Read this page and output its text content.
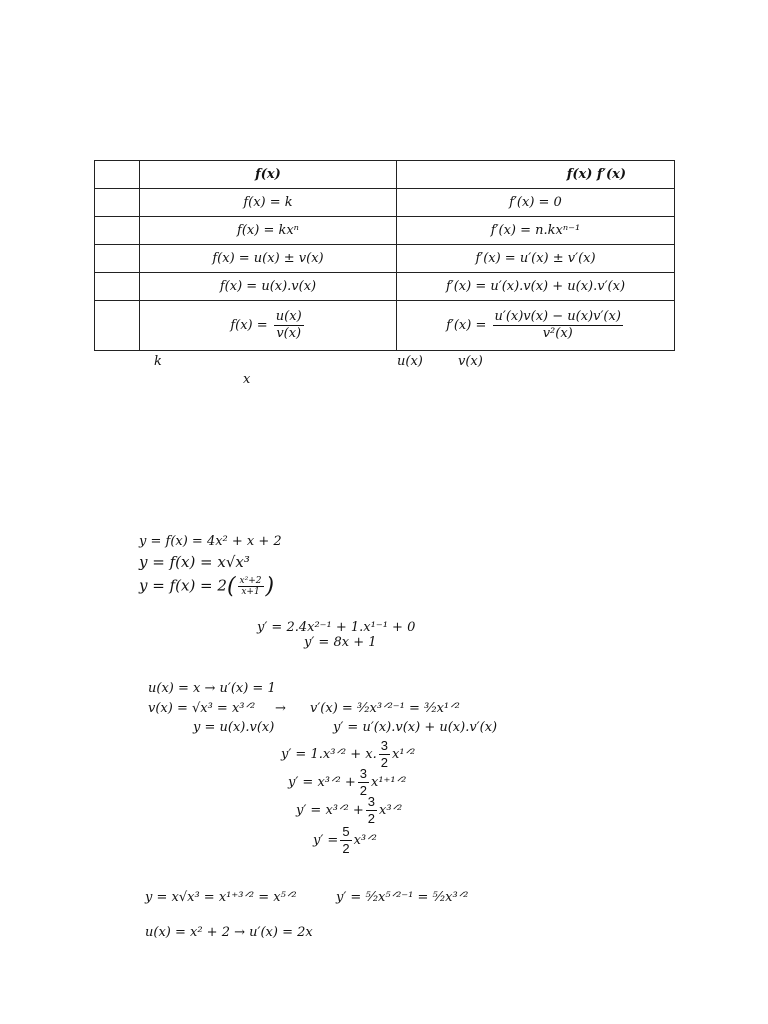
	f(x)	f(x) f′(x)
	f(x) = k	f′(x) = 0
	f(x) = kxⁿ	f′(x) = n.kxⁿ⁻¹
	f(x) = u(x) ± v(x)	f′(x) = u′(x) ± v′(x)
	f(x) = u(x).v(x)	f′(x) = u′(x).v(x) + u(x).v′(x)
	$f(x) = \frac{u(x)}{v(x)}$	$f'(x) = \frac{u'(x)v(x) - u(x)v'(x)}{\text{v²(x)}}$
k	u(x)	v(x)
x
y = f(x) = 4x² + x + 2
y = f(x) = x√x³
$y = f(x) = 2( \frac{\text{x²+2}}{x+1}$ )
y′ = 2.4x²⁻¹ + 1.x¹⁻¹ + 0
y′ = 8x + 1
u(x) = x → u′(x) = 1
v(x) = √x³ = x³ᐟ² → v′(x) = ³⁄₂x³ᐟ²⁻¹ = ³⁄₂x¹ᐟ²
y = u(x).v(x)	y′ = u′(x).v(x) + u(x).v′(x)
y′ = 1.x³ᐟ² + x. $\frac{3}{2}$ x¹ᐟ²
y′ = x³ᐟ² + $\frac{3}{2}$ x¹⁺¹ᐟ²
y′ = x³ᐟ² + $\frac{3}{2}$ x³ᐟ²
$y' = \frac{5}{2}$ x³ᐟ²
y = x√x³ = x¹⁺³ᐟ² = x⁵ᐟ²	y′ = ⁵⁄₂x⁵ᐟ²⁻¹ = ⁵⁄₂x³ᐟ²
u(x) = x² + 2 → u′(x) = 2x
